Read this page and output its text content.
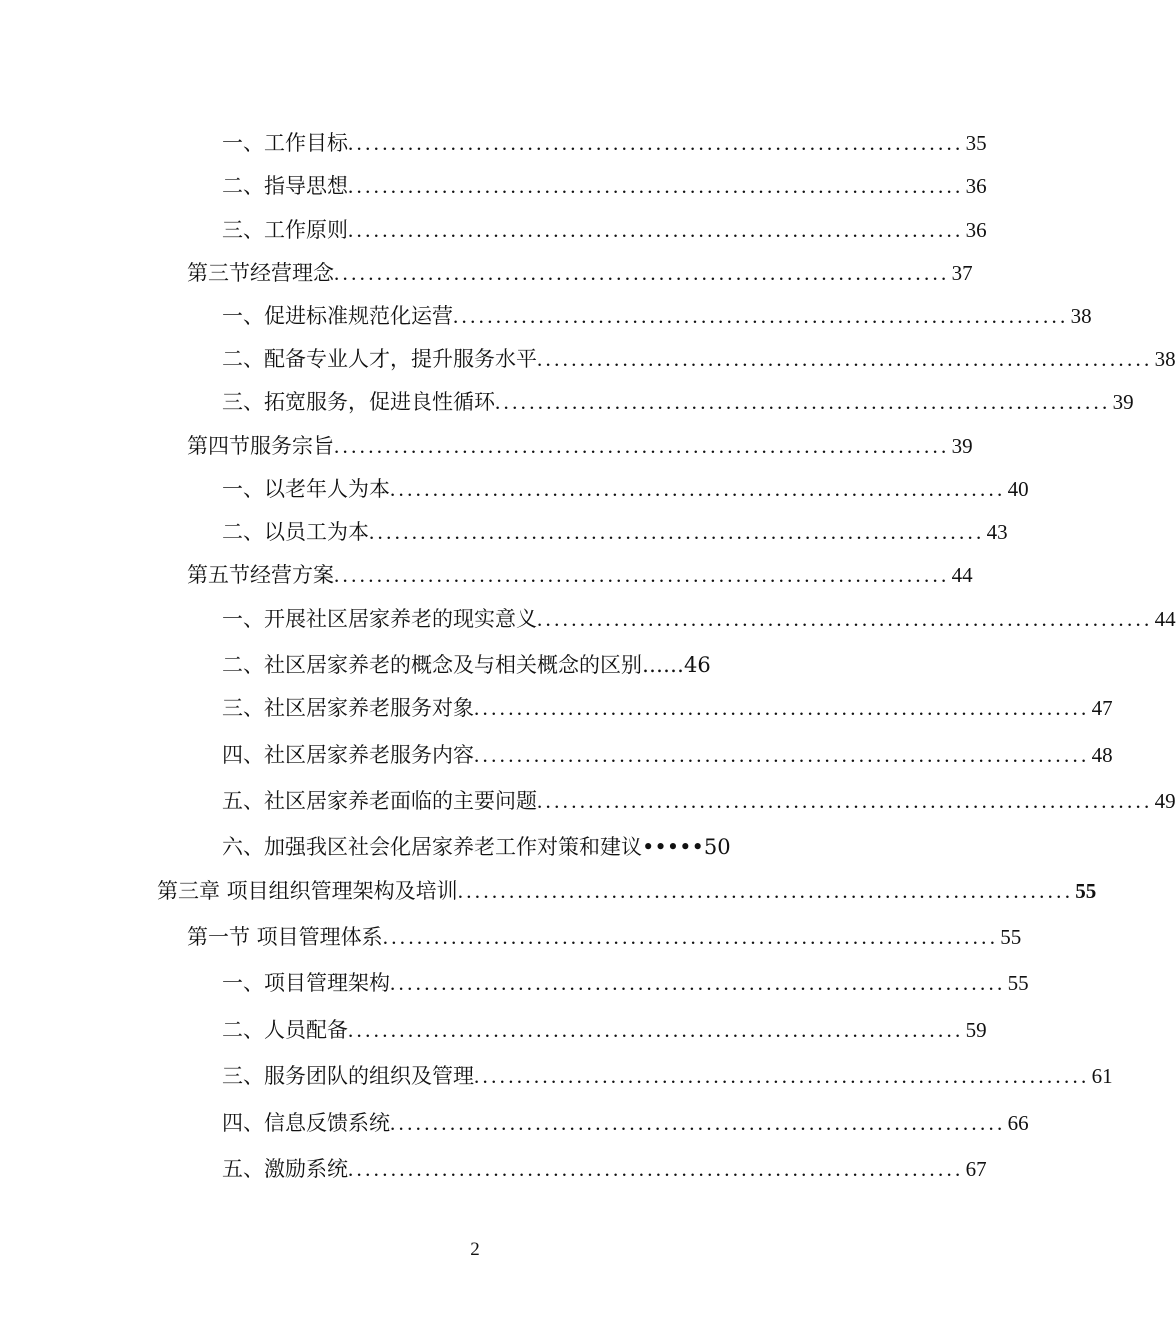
一、工作目标 ........................................................................ 35
二、指导思想 ........................................................................ 36
三、工作原则 ........................................................................ 36
第三节经营理念 ........................................................................ 37
一、促进标准规范化运营 ........................................................................ 38
二、配备专业人才，提升服务水平 ........................................................................ 38
三、拓宽服务，促进良性循环 ........................................................................ 39
第四节服务宗旨 ........................................................................ 39
一、以老年人为本 ........................................................................ 40
二、以员工为本 ........................................................................ 43
第五节经营方案 ........................................................................ 44
一、开展社区居家养老的现实意义 ........................................................................ 44
二、社区居家养老的概念及与相关概念的区别……46
三、社区居家养老服务对象 ........................................................................ 47
四、社区居家养老服务内容 ........................................................................ 48
五、社区居家养老面临的主要问题 ........................................................................ 49
六、加强我区社会化居家养老工作对策和建议•••••50
第三章 项目组织管理架构及培训 ........................................................................ 55
第一节 项目管理体系 ........................................................................ 55
一、项目管理架构 ........................................................................ 55
二、人员配备 ........................................................................ 59
三、服务团队的组织及管理 ........................................................................ 61
四、信息反馈系统 ........................................................................ 66
五、激励系统 ........................................................................ 67
2
